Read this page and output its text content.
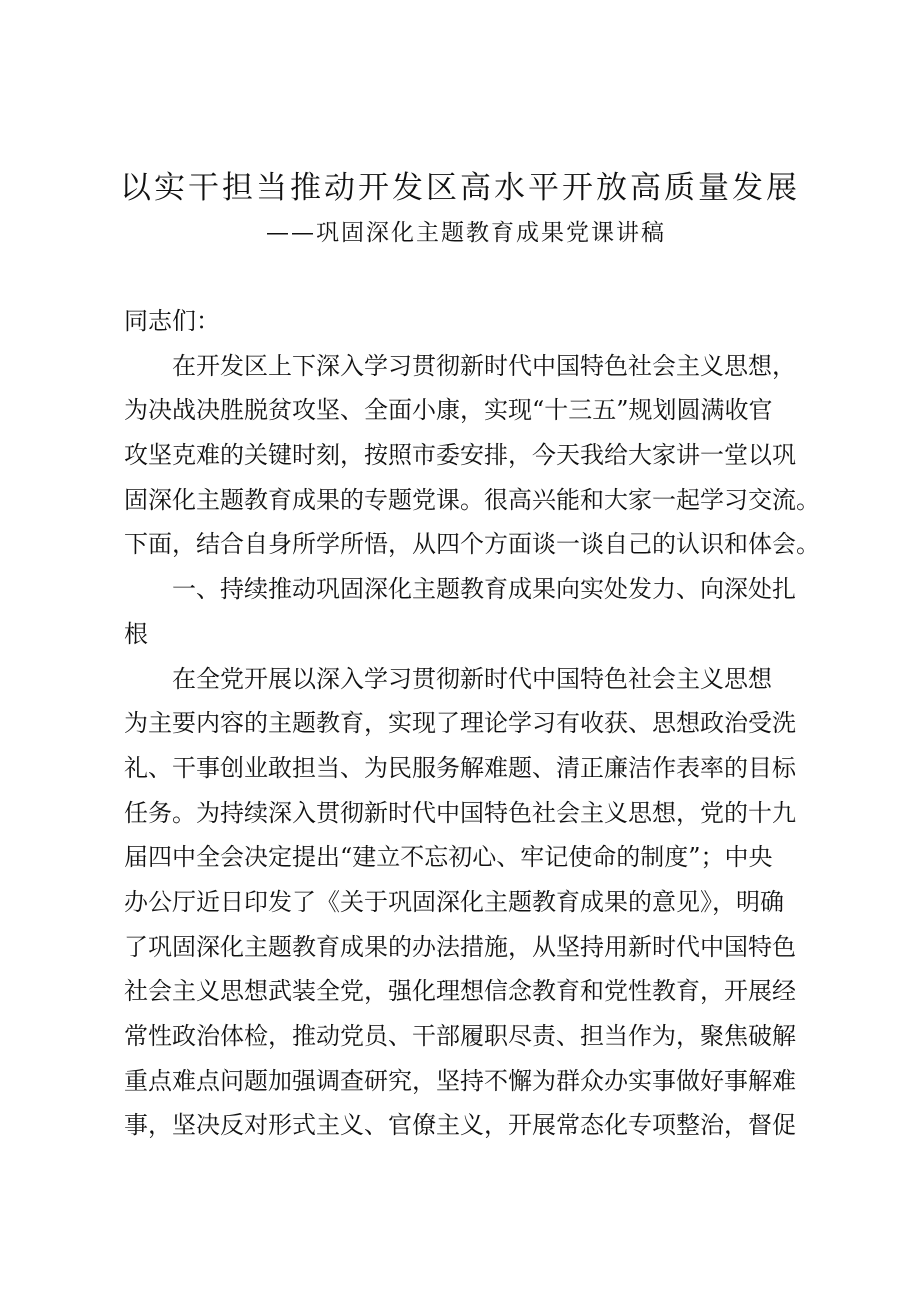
以实干担当推动开发区高水平开放高质量发展
——巩固深化主题教育成果党课讲稿
同志们：
在开发区上下深入学习贯彻新时代中国特色社会主义思想，
为决战决胜脱贫攻坚、全面小康，实现“十三五”规划圆满收官
攻坚克难的关键时刻，按照市委安排，今天我给大家讲一堂以巩
固深化主题教育成果的专题党课。很高兴能和大家一起学习交流。
下面，结合自身所学所悟，从四个方面谈一谈自己的认识和体会。
一、持续推动巩固深化主题教育成果向实处发力、向深处扎
根
在全党开展以深入学习贯彻新时代中国特色社会主义思想
为主要内容的主题教育，实现了理论学习有收获、思想政治受洗
礼、干事创业敢担当、为民服务解难题、清正廉洁作表率的目标
任务。为持续深入贯彻新时代中国特色社会主义思想，党的十九
届四中全会决定提出“建立不忘初心、牢记使命的制度”；中央
办公厅近日印发了《关于巩固深化主题教育成果的意见》，明确
了巩固深化主题教育成果的办法措施，从坚持用新时代中国特色
社会主义思想武装全党，强化理想信念教育和党性教育，开展经
常性政治体检，推动党员、干部履职尽责、担当作为，聚焦破解
重点难点问题加强调查研究，坚持不懈为群众办实事做好事解难
事，坚决反对形式主义、官僚主义，开展常态化专项整治，督促
